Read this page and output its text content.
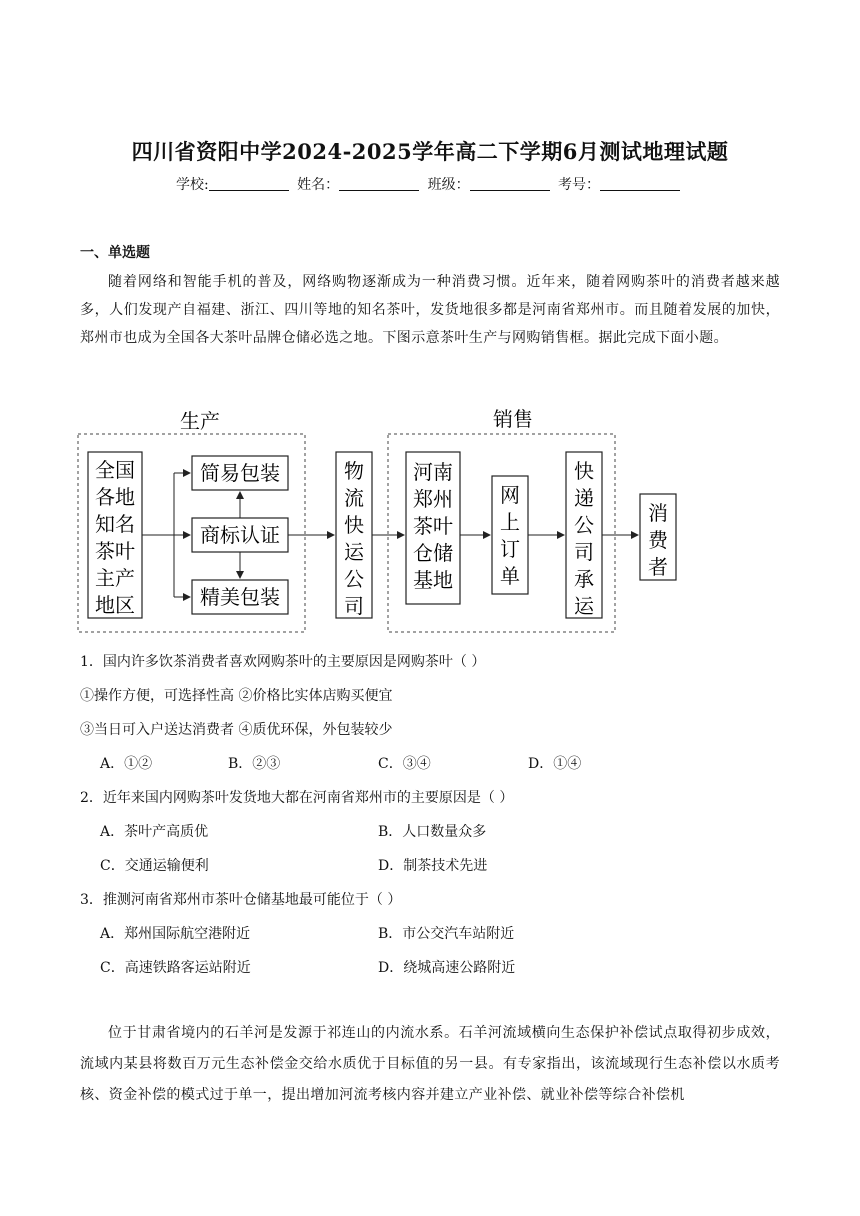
四川省资阳中学2024-2025学年高二下学期6月测试地理试题
学校:	姓名：	班级：	考号：
一、单选题
随着网络和智能手机的普及，网络购物逐渐成为一种消费习惯。近年来，随着网购茶叶的消费者越来越多，人们发现产自福建、浙江、四川等地的知名茶叶，发货地很多都是河南省郑州市。而且随着发展的加快，郑州市也成为全国各大茶叶品牌仓储必选之地。下图示意茶叶生产与网购销售框。据此完成下面小题。
生产	销售
全国
各地
知名
茶叶
主产
地区
简易包装
商标认证
精美包装
物
流
快
运
公
司
河南
郑州
茶叶
仓储
基地
网
上
订
单
快
递
公
司
承
运
消
费
者
1．国内许多饮茶消费者喜欢网购茶叶的主要原因是网购茶叶（ ）
①操作方便，可选择性高 ②价格比实体店购买便宜
③当日可入户送达消费者 ④质优环保，外包装较少
A．①②	B．②③	C．③④	D．①④
2．近年来国内网购茶叶发货地大都在河南省郑州市的主要原因是（ ）
A．茶叶产高质优	B．人口数量众多
C．交通运输便利	D．制茶技术先进
3．推测河南省郑州市茶叶仓储基地最可能位于（ ）
A．郑州国际航空港附近	B．市公交汽车站附近
C．高速铁路客运站附近	D．绕城高速公路附近
位于甘肃省境内的石羊河是发源于祁连山的内流水系。石羊河流域横向生态保护补偿试点取得初步成效，流域内某县将数百万元生态补偿金交给水质优于目标值的另一县。有专家指出，该流域现行生态补偿以水质考核、资金补偿的模式过于单一，提出增加河流考核内容并建立产业补偿、就业补偿等综合补偿机
